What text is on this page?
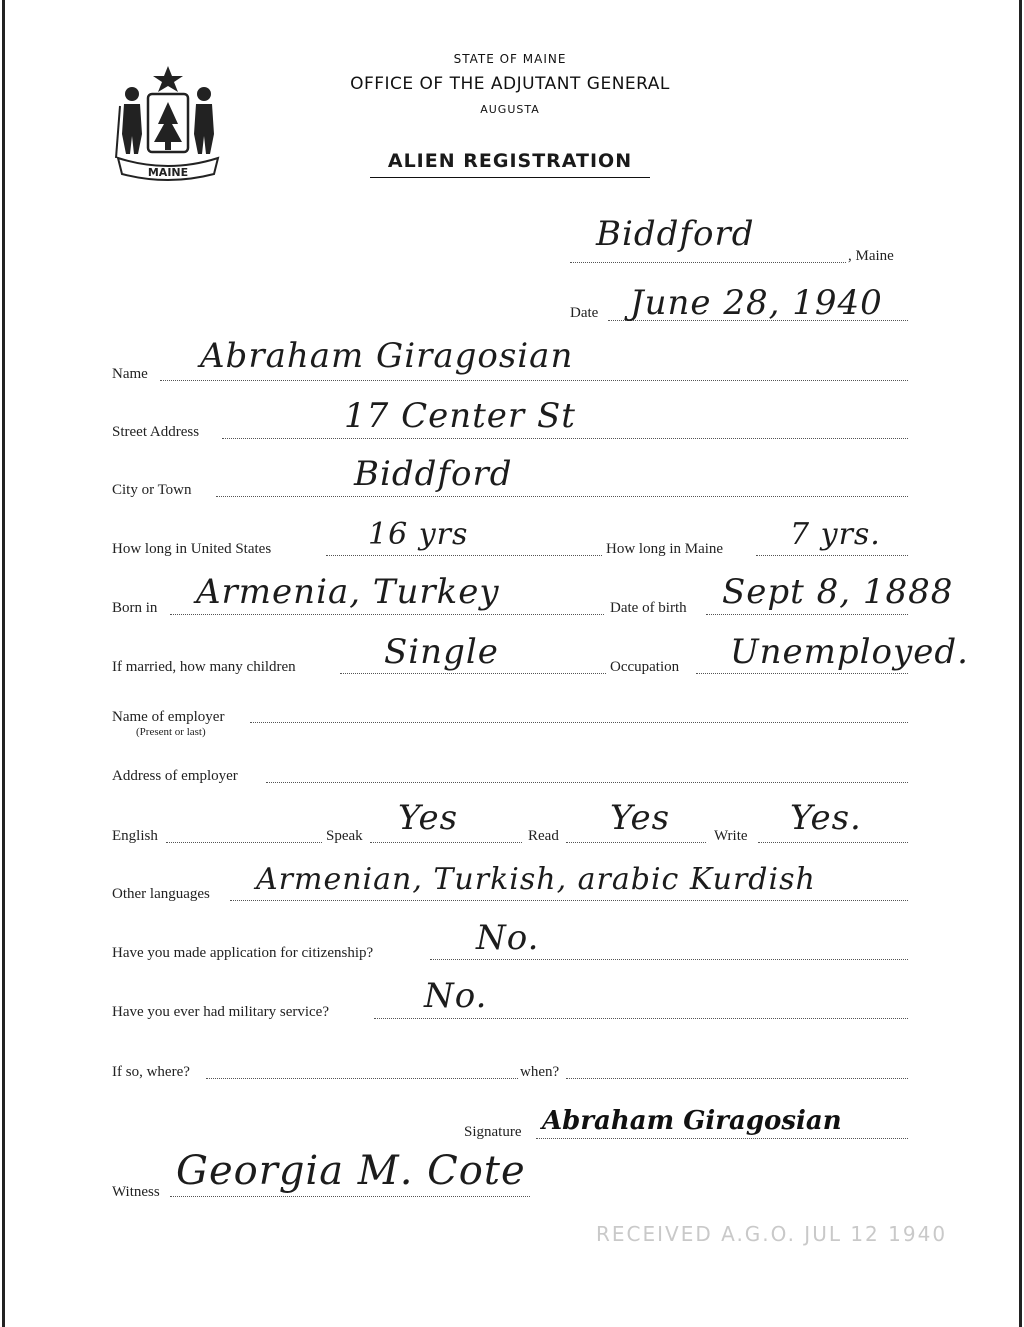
MAINE
STATE OF MAINE
OFFICE OF THE ADJUTANT GENERAL
AUGUSTA
ALIEN REGISTRATION
Biddford
, Maine
Date June 28, 1940
Name Abraham Giragosian
Street Address	17 Center St
City or Town	Biddford
How long in United States	16 yrs	How long in Maine 7 yrs.
Born in Armenia, Turkey	Date of birth Sept 8, 1888
If married, how many children	Single	Occupation Unemployed.
Name of employer
(Present or last)
Address of employer
English	Speak Yes	Read Yes	Write Yes.
Other languages Armenian, Turkish, arabic Kurdish
Have you made application for citizenship?	No.
Have you ever had military service?	No.
If so, where?	when?
Signature Abraham Giragosian
Witness Georgia M. Cote
RECEIVED A.G.O. JUL 12 1940
